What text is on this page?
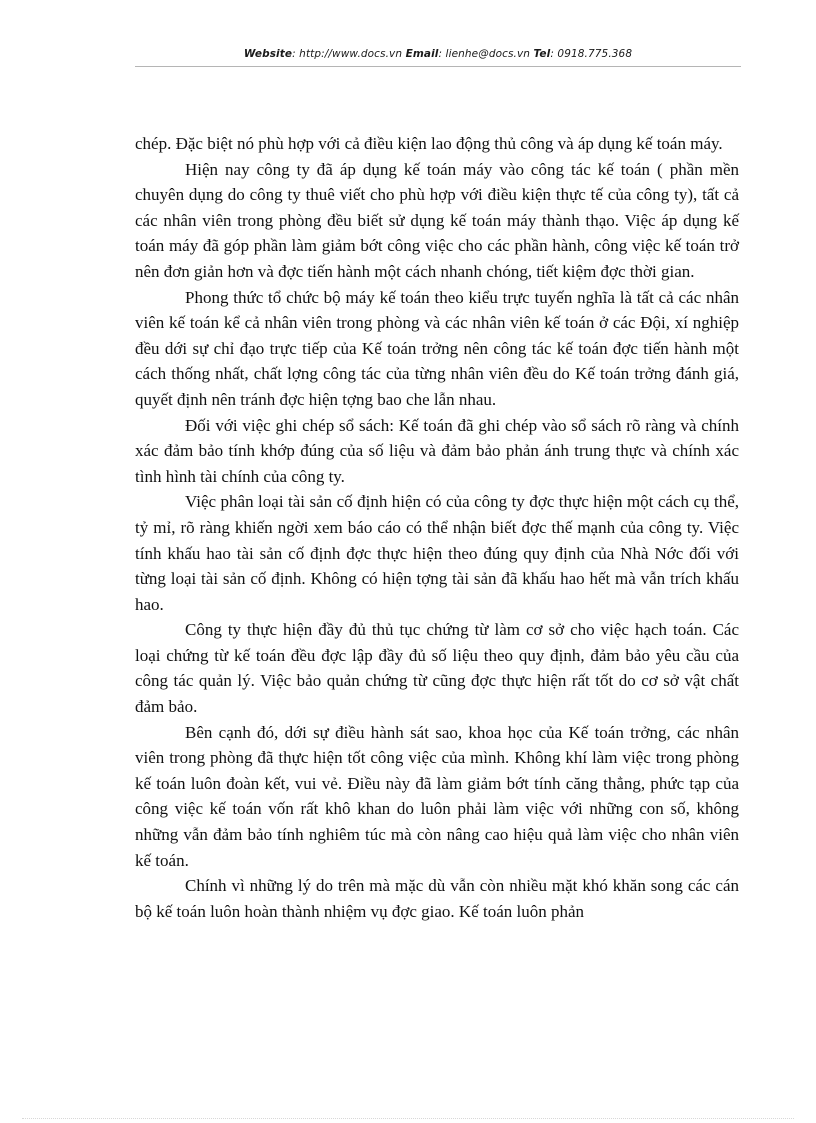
Website: http://www.docs.vn Email: lienhe@docs.vn Tel: 0918.775.368

chép. Đặc biệt nó phù hợp với cả điều kiện lao động thủ công và áp dụng kế toán máy.

Hiện nay công ty đã áp dụng kế toán máy vào công tác kế toán ( phần mền chuyên dụng do công ty thuê viết cho phù hợp với điều kiện thực tế của công ty), tất cả các nhân viên trong phòng đều biết sử dụng kế toán máy thành thạo. Việc áp dụng kế toán máy đã góp phần làm giảm bớt công việc cho các phần hành, công việc kế toán trở nên đơn giản hơn và đợc tiến hành một cách nhanh chóng, tiết kiệm đợc thời gian.

Phong thức tổ chức bộ máy kế toán theo kiểu trực tuyến nghĩa là tất cả các nhân viên kế toán kể cả nhân viên trong phòng và các nhân viên kế toán ở các Đội, xí nghiệp đều dới sự chỉ đạo trực tiếp của Kế toán trởng nên công tác kế toán đợc tiến hành một cách thống nhất, chất lợng công tác của từng nhân viên đều do Kế toán trởng đánh giá, quyết định nên tránh đợc hiện tợng bao che lẫn nhau.

Đối với việc ghi chép sổ sách: Kế toán đã ghi chép vào sổ sách rõ ràng và chính xác đảm bảo tính khớp đúng của số liệu và đảm bảo phản ánh trung thực và chính xác tình hình tài chính của công ty.

Việc phân loại tài sản cố định hiện có của công ty đợc thực hiện một cách cụ thể, tỷ mỉ, rõ ràng khiến ngời xem báo cáo có thể nhận biết đợc thế mạnh của công ty. Việc tính khấu hao tài sản cố định đợc thực hiện theo đúng quy định của Nhà Nớc đối với từng loại tài sản cố định. Không có hiện tợng tài sản đã khấu hao hết mà vẫn trích khấu hao.

Công ty thực hiện đầy đủ thủ tục chứng từ làm cơ sở cho việc hạch toán. Các loại chứng từ kế toán đều đợc lập đầy đủ số liệu theo quy định, đảm bảo yêu cầu của công tác quản lý. Việc bảo quản chứng từ cũng đợc thực hiện rất tốt do cơ sở vật chất đảm bảo.

Bên cạnh đó, dới sự điều hành sát sao, khoa học của Kế toán trởng, các nhân viên trong phòng đã thực hiện tốt công việc của mình. Không khí làm việc trong phòng kế toán luôn đoàn kết, vui vẻ. Điều này đã làm giảm bớt tính căng thẳng, phức tạp của công việc kế toán vốn rất khô khan do luôn phải làm việc với những con số, không những vẫn đảm bảo tính nghiêm túc mà còn nâng cao hiệu quả làm việc cho nhân viên kế toán.

Chính vì những lý do trên mà mặc dù vẫn còn nhiều mặt khó khăn song các cán bộ kế toán luôn hoàn thành nhiệm vụ đợc giao. Kế toán luôn phản
